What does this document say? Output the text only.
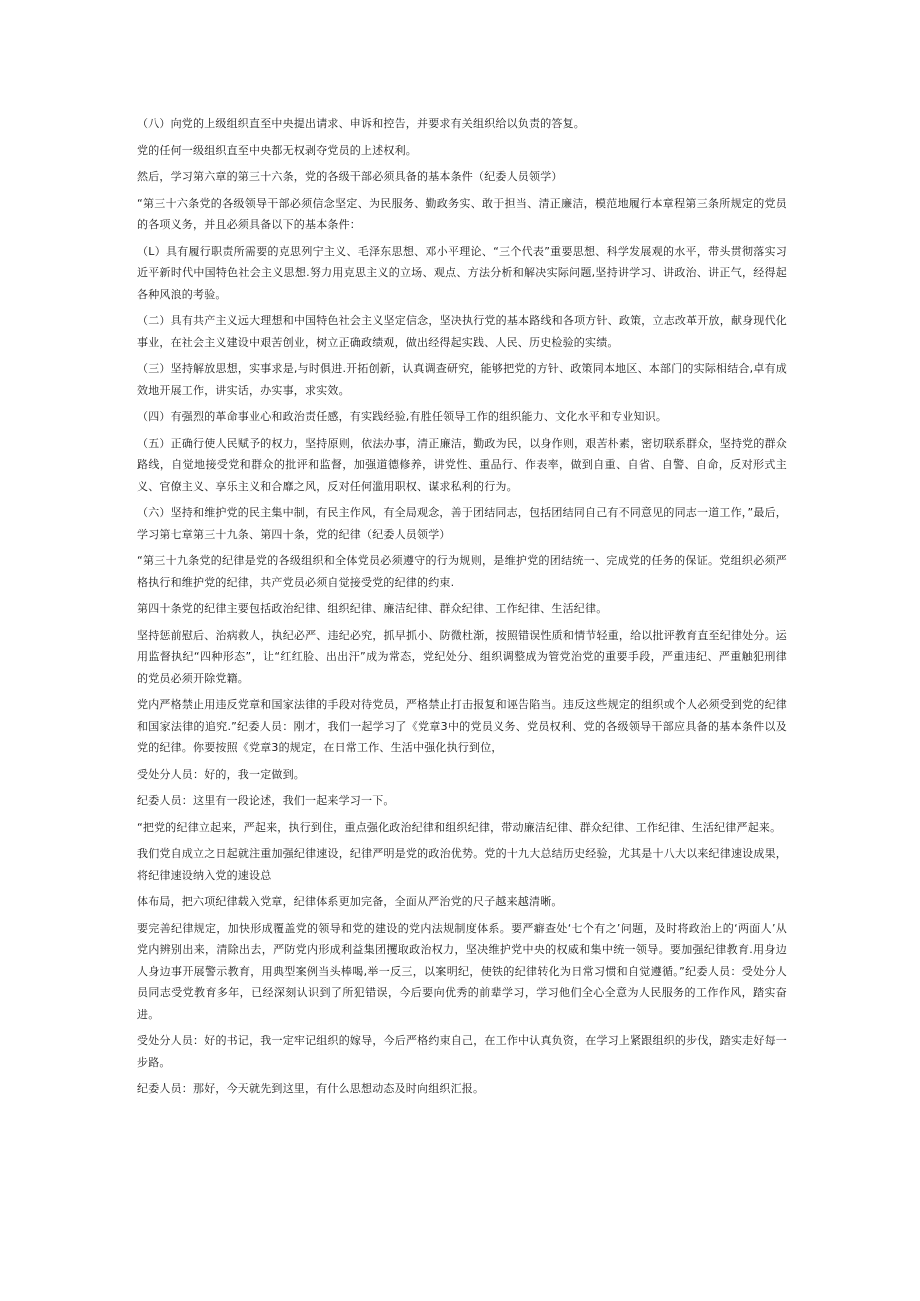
（八）向党的上级组织直至中央提出请求、申诉和控告，并要求有关组织给以负责的答复。

党的任何一级组织直至中央都无权剥夺党员的上述权利。

然后，学习第六章的第三十六条，党的各级干部必须具备的基本条件（纪委人员领学）

“第三十六条党的各级领导干部必须信念坚定、为民服务、勤政务实、敢于担当、清正廉洁，模范地履行本章程第三条所规定的党员的各项义务，并且必须具备以下的基本条件：

（L）具有履行职责所需要的克思列宁主义、毛泽东思想、邓小平理论、“三个代表”重要思想、科学发展观的水平，带头贯彻落实习近平新时代中国特色社会主义思想.努力用克思主义的立场、观点、方法分析和解决实际问题,坚持讲学习、讲政治、讲正气，经得起各种风浪的考验。

（二）具有共产主义远大理想和中国特色社会主义坚定信念，坚决执行党的基本路线和各项方针、政策，立志改革开放，献身现代化事业，在社会主义建设中艰苦创业，树立正确政绩观，做出经得起实践、人民、历史检验的实绩。

（三）坚持解放思想，实事求是,与时俱进.开拓创新，认真调查研究，能够把党的方针、政策同本地区、本部门的实际相结合,卓有成效地开展工作，讲实话，办实事，求实效。

（四）有强烈的革命事业心和政治责任感，有实践经验,有胜任领导工作的组织能力、文化水平和专业知识。

（五）正确行使人民赋予的权力，坚持原则，依法办事，清正廉洁，勤政为民，以身作则，艰苦朴素，密切联系群众，坚持党的群众路线，自觉地接受党和群众的批评和监督，加强道德修养，讲党性、重品行、作表率，做到自重、自省、自警、自命，反对形式主义、官僚主义、享乐主义和合靡之风，反对任何滥用职权、谋求私利的行为。

（六）坚持和维护党的民主集中制，有民主作风，有全局观念，善于团结同志，包括团结同自己有不同意见的同志一道工作，”最后，学习第七章第三十九条、第四十条，党的纪律（纪委人员领学）

“第三十九条党的纪律是党的各级组织和全体党员必须遵守的行为规则，是维护党的团结统一、完成党的任务的保证。党组织必须严格执行和维护党的纪律，共产党员必须自觉接受党的纪律的约束.

第四十条党的纪律主要包括政治纪律、组织纪律、廉洁纪律、群众纪律、工作纪律、生活纪律。

坚持惩前慰后、治病救人，执纪必严、违纪必究，抓早抓小、防微杜渐，按照错误性质和情节轻重，给以批评教育直至纪律处分。运用监督执纪“四种形态”，让“红红脸、出出汗”成为常态，党纪处分、组织调整成为管党治党的重要手段，严重违纪、严重触犯刑律的党员必须开除党籍。

党内严格禁止用违反党章和国家法律的手段对待党员，严格禁止打击报复和诬告陷当。违反这些规定的组织或个人必须受到党的纪律和国家法律的追究.”纪委人员：刚才，我们一起学习了《党章3中的党员义务、党员权利、党的各级领导干部应具备的基本条件以及党的纪律。你要按照《党章3的规定，在日常工作、生活中强化执行到位，

受处分人员：好的，我一定做到。

纪委人员：这里有一段论述，我们一起来学习一下。

“把党的纪律立起来，严起来，执行到住，重点强化政治纪律和组织纪律，带动廉洁纪律、群众纪律、工作纪律、生活纪律严起来。

我们党自成立之日起就注重加强纪律速设，纪律严明是党的政治优势。党的十九大总结历史经验，尤其是十八大以来纪律速设成果，将纪律速设纳入党的速设总

体布局，把六项纪律载入党章，纪律体系更加完备，全面从严治党的尺子越来越清晰。

要完善纪律规定，加快形成覆盖党的领导和党的建设的党内法规制度体系。要严癖查处‘七个有之’问题，及时将政治上的‘两面人’从党内辨别出来，清除出去，严防党内形成利益集团攫取政治权力，坚决维护党中央的权威和集中统一领导。要加强纪律教育.用身边人身边事开展警示教育，用典型案例当头棒喝,举一反三，以案明纪，使铁的纪律转化为日常习惯和自觉遵循。”纪委人员：受处分人员同志受党教育多年，已经深刻认识到了所犯错误，今后要向优秀的前辈学习，学习他们全心全意为人民服务的工作作风，踏实奋进。

受处分人员：好的书记，我一定牢记组织的嫁导，今后严格约束自己，在工作中认真负资，在学习上紧跟组织的步伐，踏实走好每一步路。

纪委人员：那好，今天就先到这里，有什么思想动态及时向组织汇报。
